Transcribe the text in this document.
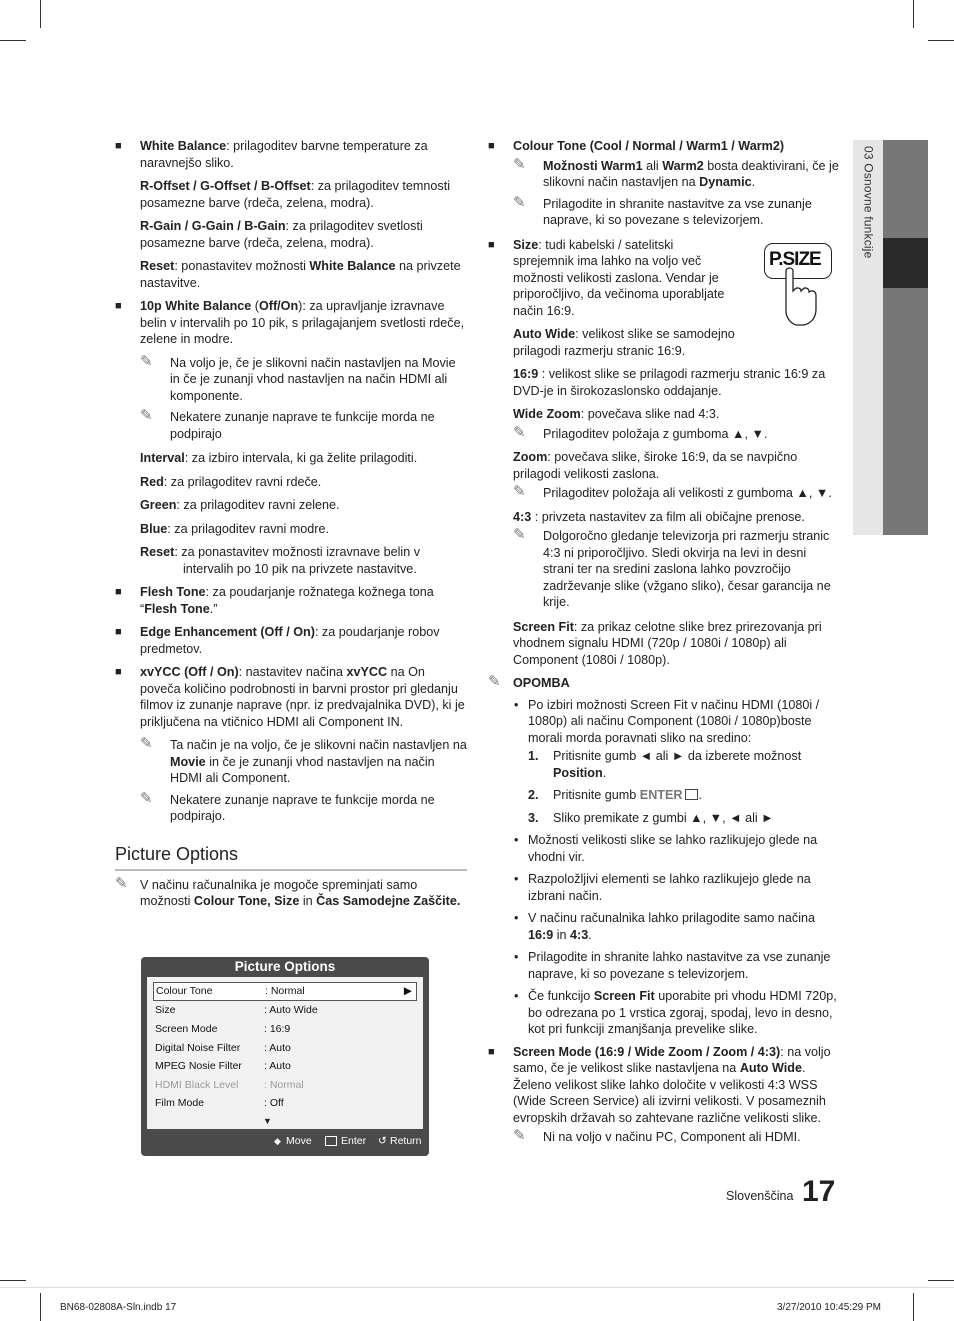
03 Osnovne funkcije
■ White Balance: prilagoditev barvne temperature za naravnejšo sliko.
R-Offset / G-Offset / B-Offset: za prilagoditev temnosti posamezne barve (rdeča, zelena, modra).
R-Gain / G-Gain / B-Gain: za prilagoditev svetlosti posamezne barve (rdeča, zelena, modra).
Reset: ponastavitev možnosti White Balance na privzete nastavitve.
■ 10p White Balance (Off/On): za upravljanje izravnave belin v intervalih po 10 pik, s prilagajanjem svetlosti rdeče, zelene in modre.
✎ Na voljo je, če je slikovni način nastavljen na Movie in če je zunanji vhod nastavljen na način HDMI ali komponente.
✎ Nekatere zunanje naprave te funkcije morda ne podpirajo
Interval: za izbiro intervala, ki ga želite prilagoditi.
Red: za prilagoditev ravni rdeče.
Green: za prilagoditev ravni zelene.
Blue: za prilagoditev ravni modre.
Reset: za ponastavitev možnosti izravnave belin v intervalih po 10 pik na privzete nastavitve.
■ Flesh Tone: za poudarjanje rožnatega kožnega tona “Flesh Tone.”
■ Edge Enhancement (Off / On): za poudarjanje robov predmetov.
■ xvYCC (Off / On): nastavitev načina xvYCC na On poveča količino podrobnosti in barvni prostor pri gledanju filmov iz zunanje naprave (npr. iz predvajalnika DVD), ki je priključena na vtičnico HDMI ali Component IN.
✎ Ta način je na voljo, če je slikovni način nastavljen na Movie in če je zunanji vhod nastavljen na način HDMI ali Component.
✎ Nekatere zunanje naprave te funkcije morda ne podpirajo.
Picture Options
✎ V načinu računalnika je mogoče spreminjati samo možnosti Colour Tone, Size in Čas Samodejne Zaščite.
Picture Options
Colour Tone	: Normal	▶
Size	: Auto Wide
Screen Mode	: 16:9
Digital Noise Filter : Auto
MPEG Nosie Filter : Auto
HDMI Black Level : Normal
Film Mode	: Off
▼
◆ Move	Enter ↺ Return
■ Colour Tone (Cool / Normal / Warm1 / Warm2)
✎ Možnosti Warm1 ali Warm2 bosta deaktivirani, če je slikovni način nastavljen na Dynamic.
✎ Prilagodite in shranite nastavitve za vse zunanje naprave, ki so povezane s televizorjem.
■ Size: tudi kabelski / satelitski sprejemnik ima lahko na voljo več možnosti velikosti zaslona. Vendar je priporočljivo, da večinoma uporabljate način 16:9.
P.SIZE
Auto Wide: velikost slike se samodejno prilagodi razmerju stranic 16:9.
16:9 : velikost slike se prilagodi razmerju stranic 16:9 za DVD-je in širokozaslonsko oddajanje.
Wide Zoom: povečava slike nad 4:3.
✎ Prilagoditev položaja z gumboma ▲, ▼.
Zoom: povečava slike, široke 16:9, da se navpično prilagodi velikosti zaslona.
✎ Prilagoditev položaja ali velikosti z gumboma ▲, ▼.
4:3 : privzeta nastavitev za film ali običajne prenose.
✎ Dolgoročno gledanje televizorja pri razmerju stranic 4:3 ni priporočljivo. Sledi okvirja na levi in desni strani ter na sredini zaslona lahko povzročijo zadrževanje slike (vžgano sliko), česar garancija ne krije.
Screen Fit: za prikaz celotne slike brez prirezovanja pri vhodnem signalu HDMI (720p / 1080i / 1080p) ali Component (1080i / 1080p).
✎ OPOMBA
• Po izbiri možnosti Screen Fit v načinu HDMI (1080i / 1080p) ali načinu Component (1080i / 1080p)boste morali morda poravnati sliko na sredino:
1. Pritisnite gumb ◄ ali ► da izberete možnost Position.
2. Pritisnite gumb ENTER .
3. Sliko premikate z gumbi ▲, ▼, ◄ ali ►
• Možnosti velikosti slike se lahko razlikujejo glede na vhodni vir.
• Razpoložljivi elementi se lahko razlikujejo glede na izbrani način.
• V načinu računalnika lahko prilagodite samo načina 16:9 in 4:3.
• Prilagodite in shranite lahko nastavitve za vse zunanje naprave, ki so povezane s televizorjem.
• Če funkcijo Screen Fit uporabite pri vhodu HDMI 720p, bo odrezana po 1 vrstica zgoraj, spodaj, levo in desno, kot pri funkciji zmanjšanja prevelike slike.
■ Screen Mode (16:9 / Wide Zoom / Zoom / 4:3): na voljo samo, če je velikost slike nastavljena na Auto Wide. Želeno velikost slike lahko določite v velikosti 4:3 WSS (Wide Screen Service) ali izvirni velikosti. V posameznih evropskih državah so zahtevane različne velikosti slike.
✎ Ni na voljo v načinu PC, Component ali HDMI.
Slovenščina 17
BN68-02808A-Sln.indb 17	3/27/2010 10:45:29 PM
